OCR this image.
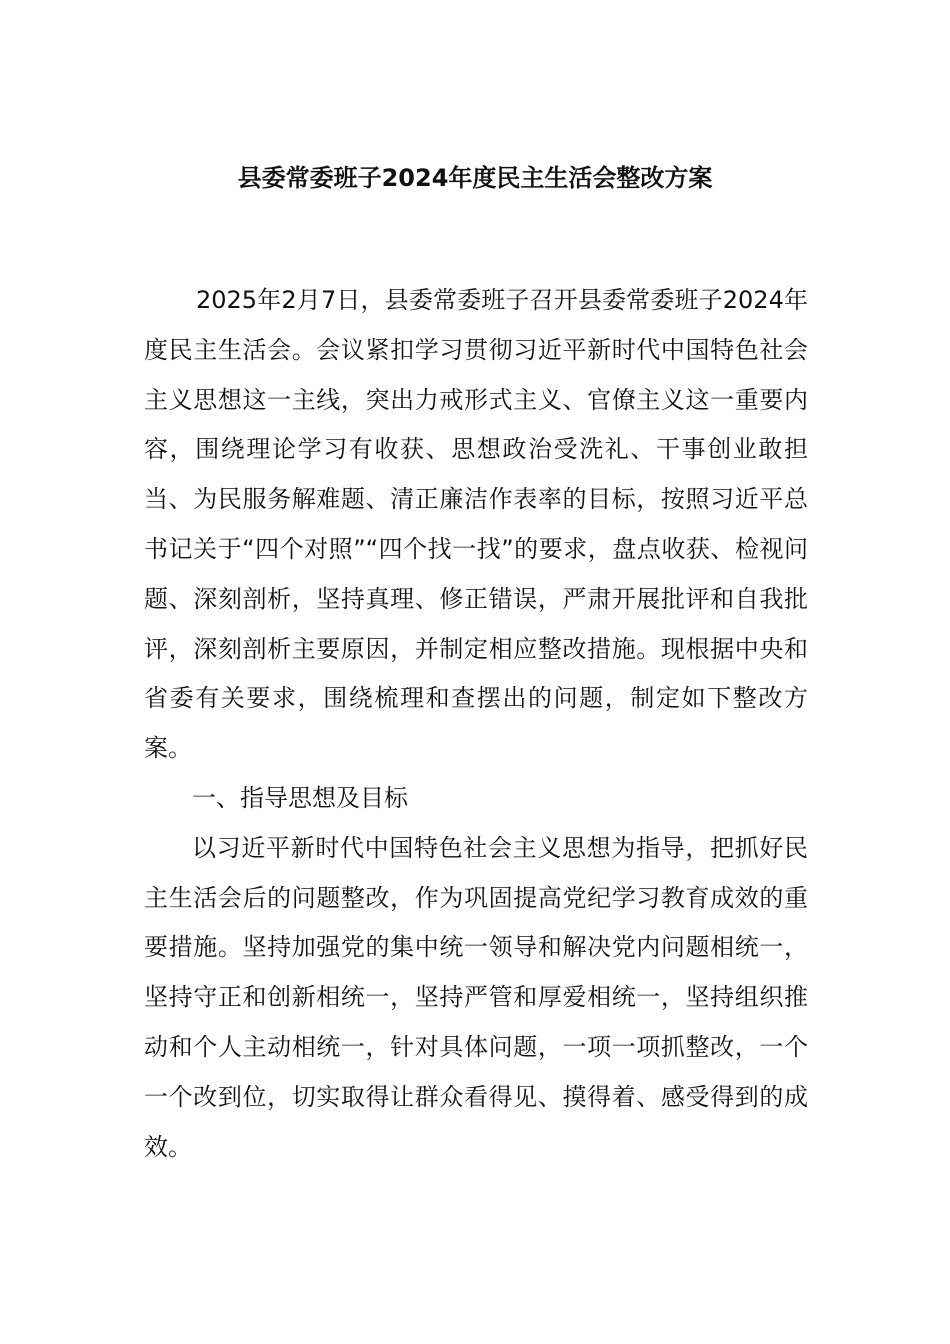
县委常委班子2024年度民主生活会整改方案

2025年2月7日，县委常委班子召开县委常委班子2024年度民主生活会。会议紧扣学习贯彻习近平新时代中国特色社会主义思想这一主线，突出力戒形式主义、官僚主义这一重要内容，围绕理论学习有收获、思想政治受洗礼、干事创业敢担当、为民服务解难题、清正廉洁作表率的目标，按照习近平总书记关于“四个对照”“四个找一找”的要求，盘点收获、检视问题、深刻剖析，坚持真理、修正错误，严肃开展批评和自我批评，深刻剖析主要原因，并制定相应整改措施。现根据中央和省委有关要求，围绕梳理和查摆出的问题，制定如下整改方案。

一、指导思想及目标

以习近平新时代中国特色社会主义思想为指导，把抓好民主生活会后的问题整改，作为巩固提高党纪学习教育成效的重要措施。坚持加强党的集中统一领导和解决党内问题相统一，坚持守正和创新相统一，坚持严管和厚爱相统一，坚持组织推动和个人主动相统一，针对具体问题，一项一项抓整改，一个一个改到位，切实取得让群众看得见、摸得着、感受得到的成效。
